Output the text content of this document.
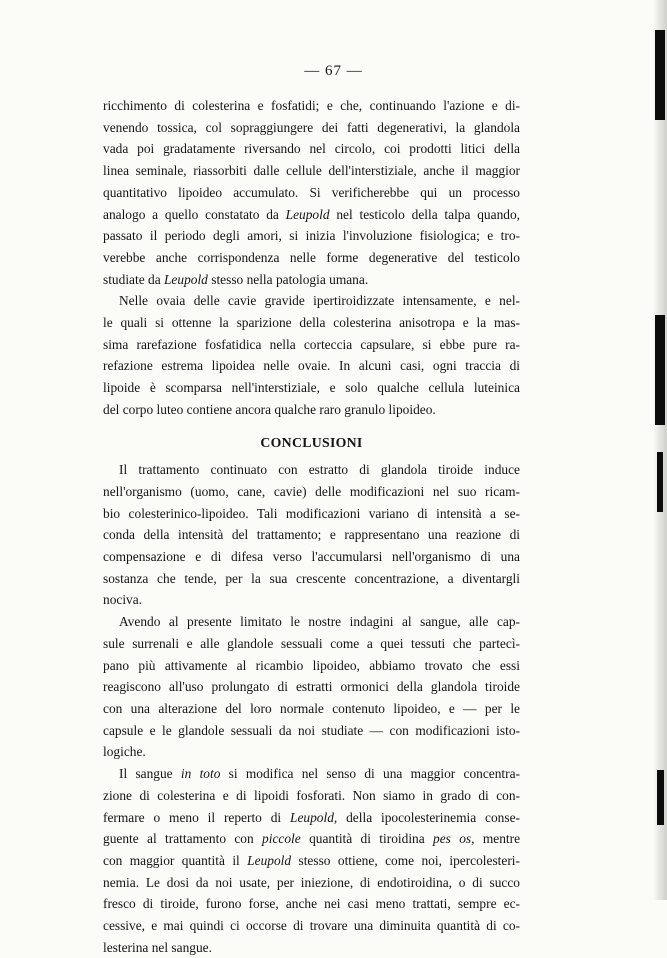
— 67 —
ricchimento di colesterina e fosfatidi; e che, continuando l'azione e di-
venendo tossica, col sopraggiungere dei fatti degenerativi, la glandola
vada poi gradatamente riversando nel circolo, coi prodotti litici della
linea seminale, riassorbiti dalle cellule dell'interstiziale, anche il maggior
quantitativo lipoideo accumulato. Si verificherebbe qui un processo
analogo a quello constatato da Leupold nel testicolo della talpa quando,
passato il periodo degli amori, si inizia l'involuzione fisiologica; e tro-
verebbe anche corrispondenza nelle forme degenerative del testicolo
studiate da Leupold stesso nella patologia umana.
Nelle ovaia delle cavie gravide ipertiroidizzate intensamente, e nel-
le quali si ottenne la sparizione della colesterina anisotropa e la mas-
sima rarefazione fosfatidica nella corteccia capsulare, si ebbe pure ra-
refazione estrema lipoidea nelle ovaie. In alcuni casi, ogni traccia di
lipoide è scomparsa nell'interstiziale, e solo qualche cellula luteinica
del corpo luteo contiene ancora qualche raro granulo lipoideo.
CONCLUSIONI
Il trattamento continuato con estratto di glandola tiroide induce
nell'organismo (uomo, cane, cavie) delle modificazioni nel suo ricam-
bio colesterinico-lipoideo. Tali modificazioni variano di intensità a se-
conda della intensità del trattamento; e rappresentano una reazione di
compensazione e di difesa verso l'accumularsi nell'organismo di una
sostanza che tende, per la sua crescente concentrazione, a diventargli
nociva.
Avendo al presente limitato le nostre indagini al sangue, alle cap-
sule surrenali e alle glandole sessuali come a quei tessuti che partecì-
pano più attivamente al ricambio lipoideo, abbiamo trovato che essi
reagiscono all'uso prolungato di estratti ormonici della glandola tiroide
con una alterazione del loro normale contenuto lipoideo, e — per le
capsule e le glandole sessuali da noi studiate — con modificazioni isto-
logiche.
Il sangue in toto si modifica nel senso di una maggior concentra-
zione di colesterina e di lipoidi fosforati. Non siamo in grado di con-
fermare o meno il reperto di Leupold, della ipocolesterinemia conse-
guente al trattamento con piccole quantità di tiroidina pes os, mentre
con maggior quantità il Leupold stesso ottiene, come noi, ipercolesteri-
nemia. Le dosi da noi usate, per iniezione, di endotiroidina, o di succo
fresco di tiroide, furono forse, anche nei casi meno trattati, sempre ec-
cessive, e mai quindi ci occorse di trovare una diminuita quantità di co-
lesterina nel sangue.
